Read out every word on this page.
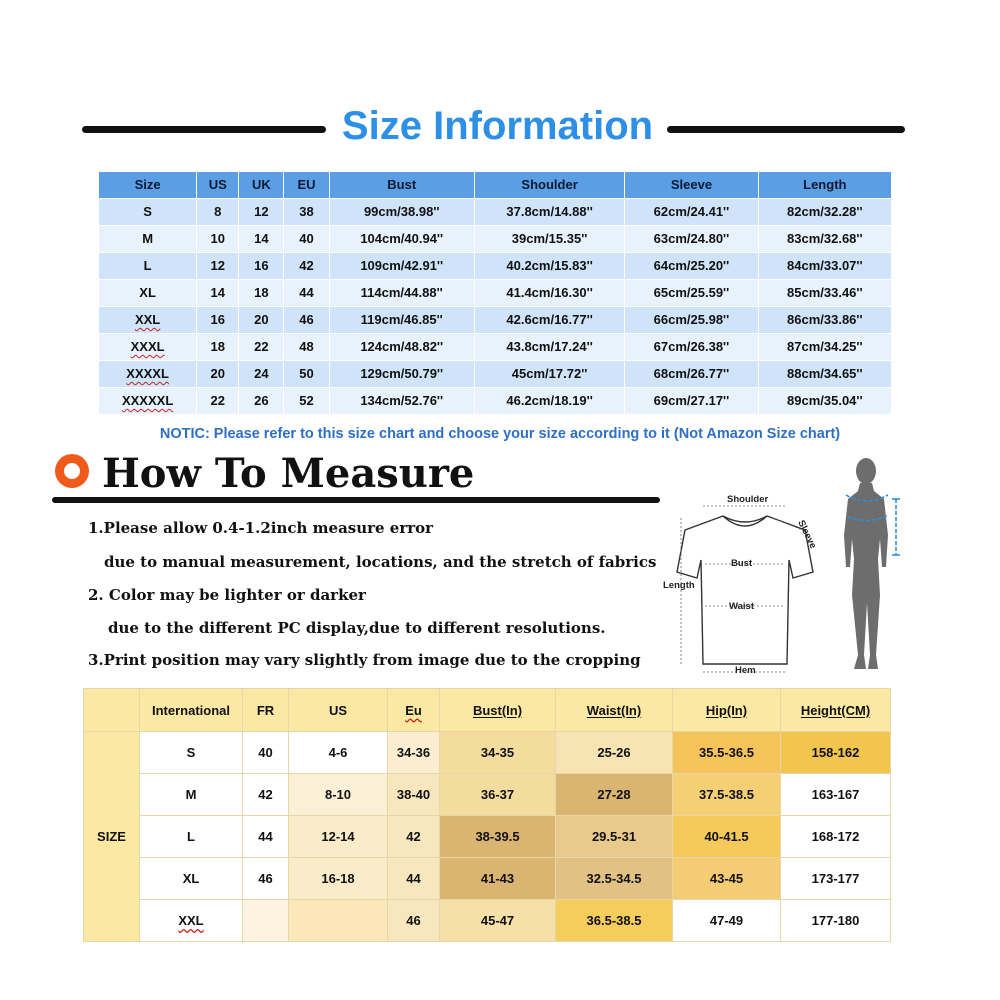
Size Information
Size	US	UK	EU	Bust	Shoulder	Sleeve	Length
S	8	12	38	99cm/38.98''	37.8cm/14.88''	62cm/24.41''	82cm/32.28''
M	10	14	40	104cm/40.94''	39cm/15.35''	63cm/24.80''	83cm/32.68''
L	12	16	42	109cm/42.91''	40.2cm/15.83''	64cm/25.20''	84cm/33.07''
XL	14	18	44	114cm/44.88''	41.4cm/16.30''	65cm/25.59''	85cm/33.46''
XXL	16	20	46	119cm/46.85''	42.6cm/16.77''	66cm/25.98''	86cm/33.86''
XXXL	18	22	48	124cm/48.82''	43.8cm/17.24''	67cm/26.38''	87cm/34.25''
XXXXL	20	24	50	129cm/50.79''	45cm/17.72''	68cm/26.77''	88cm/34.65''
XXXXXL	22	26	52	134cm/52.76''	46.2cm/18.19''	69cm/27.17''	89cm/35.04''
NOTIC: Please refer to this size chart and choose your size according to it (Not Amazon Size chart)
How To Measure
1.Please allow 0.4-1.2inch measure error
due to manual measurement, locations, and the stretch of fabrics
2. Color may be lighter or darker
due to the different PC display,due to different resolutions.
3.Print position may vary slightly from image due to the cropping
Shoulder
Sleeve
Bust
Length
Waist
Hem
	International	FR	US	Eu	Bust(In)	Waist(In)	Hip(In)	Height(CM)
SIZE	S	40	4-6	34-36	34-35	25-26	35.5-36.5	158-162
	M	42	8-10	38-40	36-37	27-28	37.5-38.5	163-167
	L	44	12-14	42	38-39.5	29.5-31	40-41.5	168-172
	XL	46	16-18	44	41-43	32.5-34.5	43-45	173-177
	XXL			46	45-47	36.5-38.5	47-49	177-180
